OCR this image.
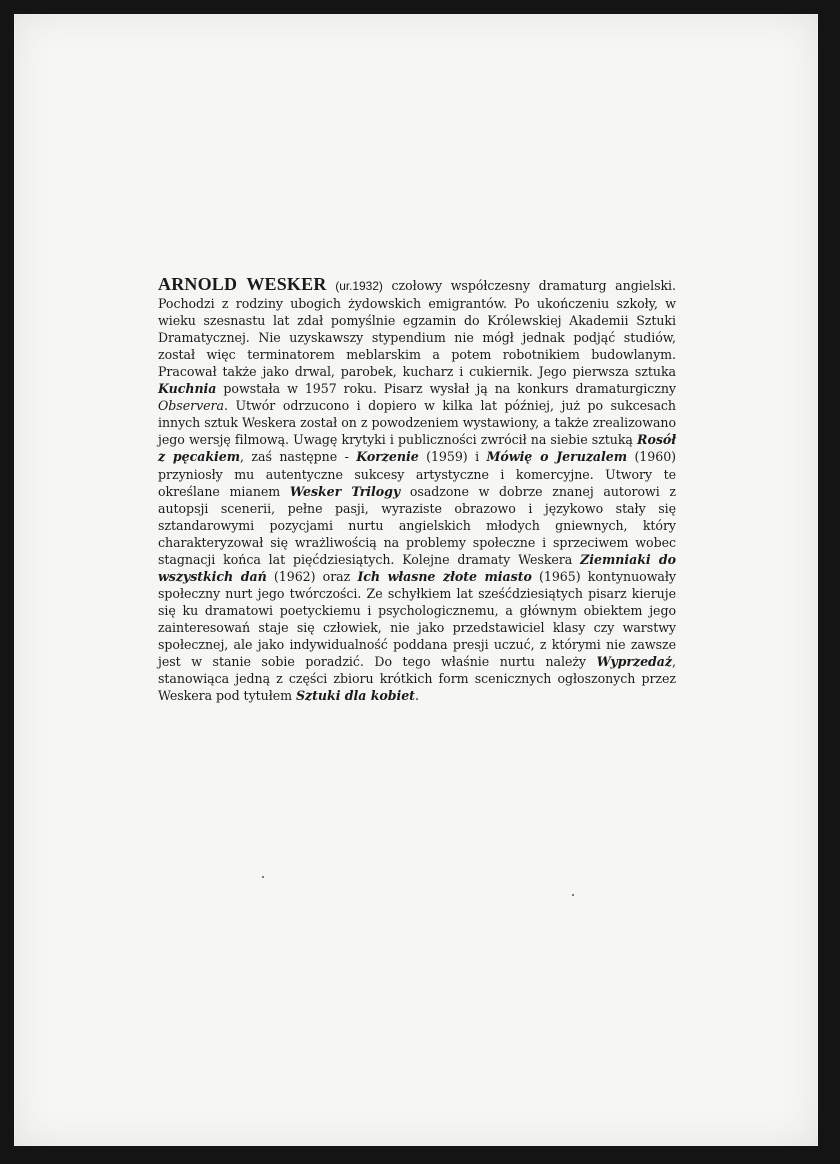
ARNOLD WESKER (ur.1932) czołowy współczesny dramaturg angielski. Pochodzi z rodziny ubogich żydowskich emigrantów. Po ukończeniu szkoły, w wieku szesnastu lat zdał pomyślnie egzamin do Królewskiej Akademii Sztuki Dramatycznej. Nie uzyskawszy stypendium nie mógł jednak podjąć studiów, został więc terminatorem meblarskim a potem robotnikiem budowlanym. Pracował także jako drwal, parobek, kucharz i cukiernik. Jego pierwsza sztuka Kuchnia powstała w 1957 roku. Pisarz wysłał ją na konkurs dramaturgiczny Observera. Utwór odrzucono i dopiero w kilka lat później, już po sukcesach innych sztuk Weskera został on z powodzeniem wystawiony, a także zrealizowano jego wersję filmową. Uwagę krytyki i publiczności zwrócił na siebie sztuką Rosół z pęcakiem, zaś następne - Korzenie (1959) i Mówię o Jeruzalem (1960) przyniosły mu autentyczne sukcesy artystyczne i komercyjne. Utwory te określane mianem Wesker Trilogy osadzone w dobrze znanej autorowi z autopsji scenerii, pełne pasji, wyraziste obrazowo i językowo stały się sztandarowymi pozycjami nurtu angielskich młodych gniewnych, który charakteryzował się wrażliwością na problemy społeczne i sprzeciwem wobec stagnacji końca lat pięćdziesiątych. Kolejne dramaty Weskera Ziemniaki do wszystkich dań (1962) oraz Ich własne złote miasto (1965) kontynuowały społeczny nurt jego twórczości. Ze schyłkiem lat sześćdziesiątych pisarz kieruje się ku dramatowi poetyckiemu i psychologicznemu, a głównym obiektem jego zainteresowań staje się człowiek, nie jako przedstawiciel klasy czy warstwy społecznej, ale jako indywidualność poddana presji uczuć, z którymi nie zawsze jest w stanie sobie poradzić. Do tego właśnie nurtu należy Wyprzedaż, stanowiąca jedną z części zbioru krótkich form scenicznych ogłoszonych przez Weskera pod tytułem Sztuki dla kobiet.
